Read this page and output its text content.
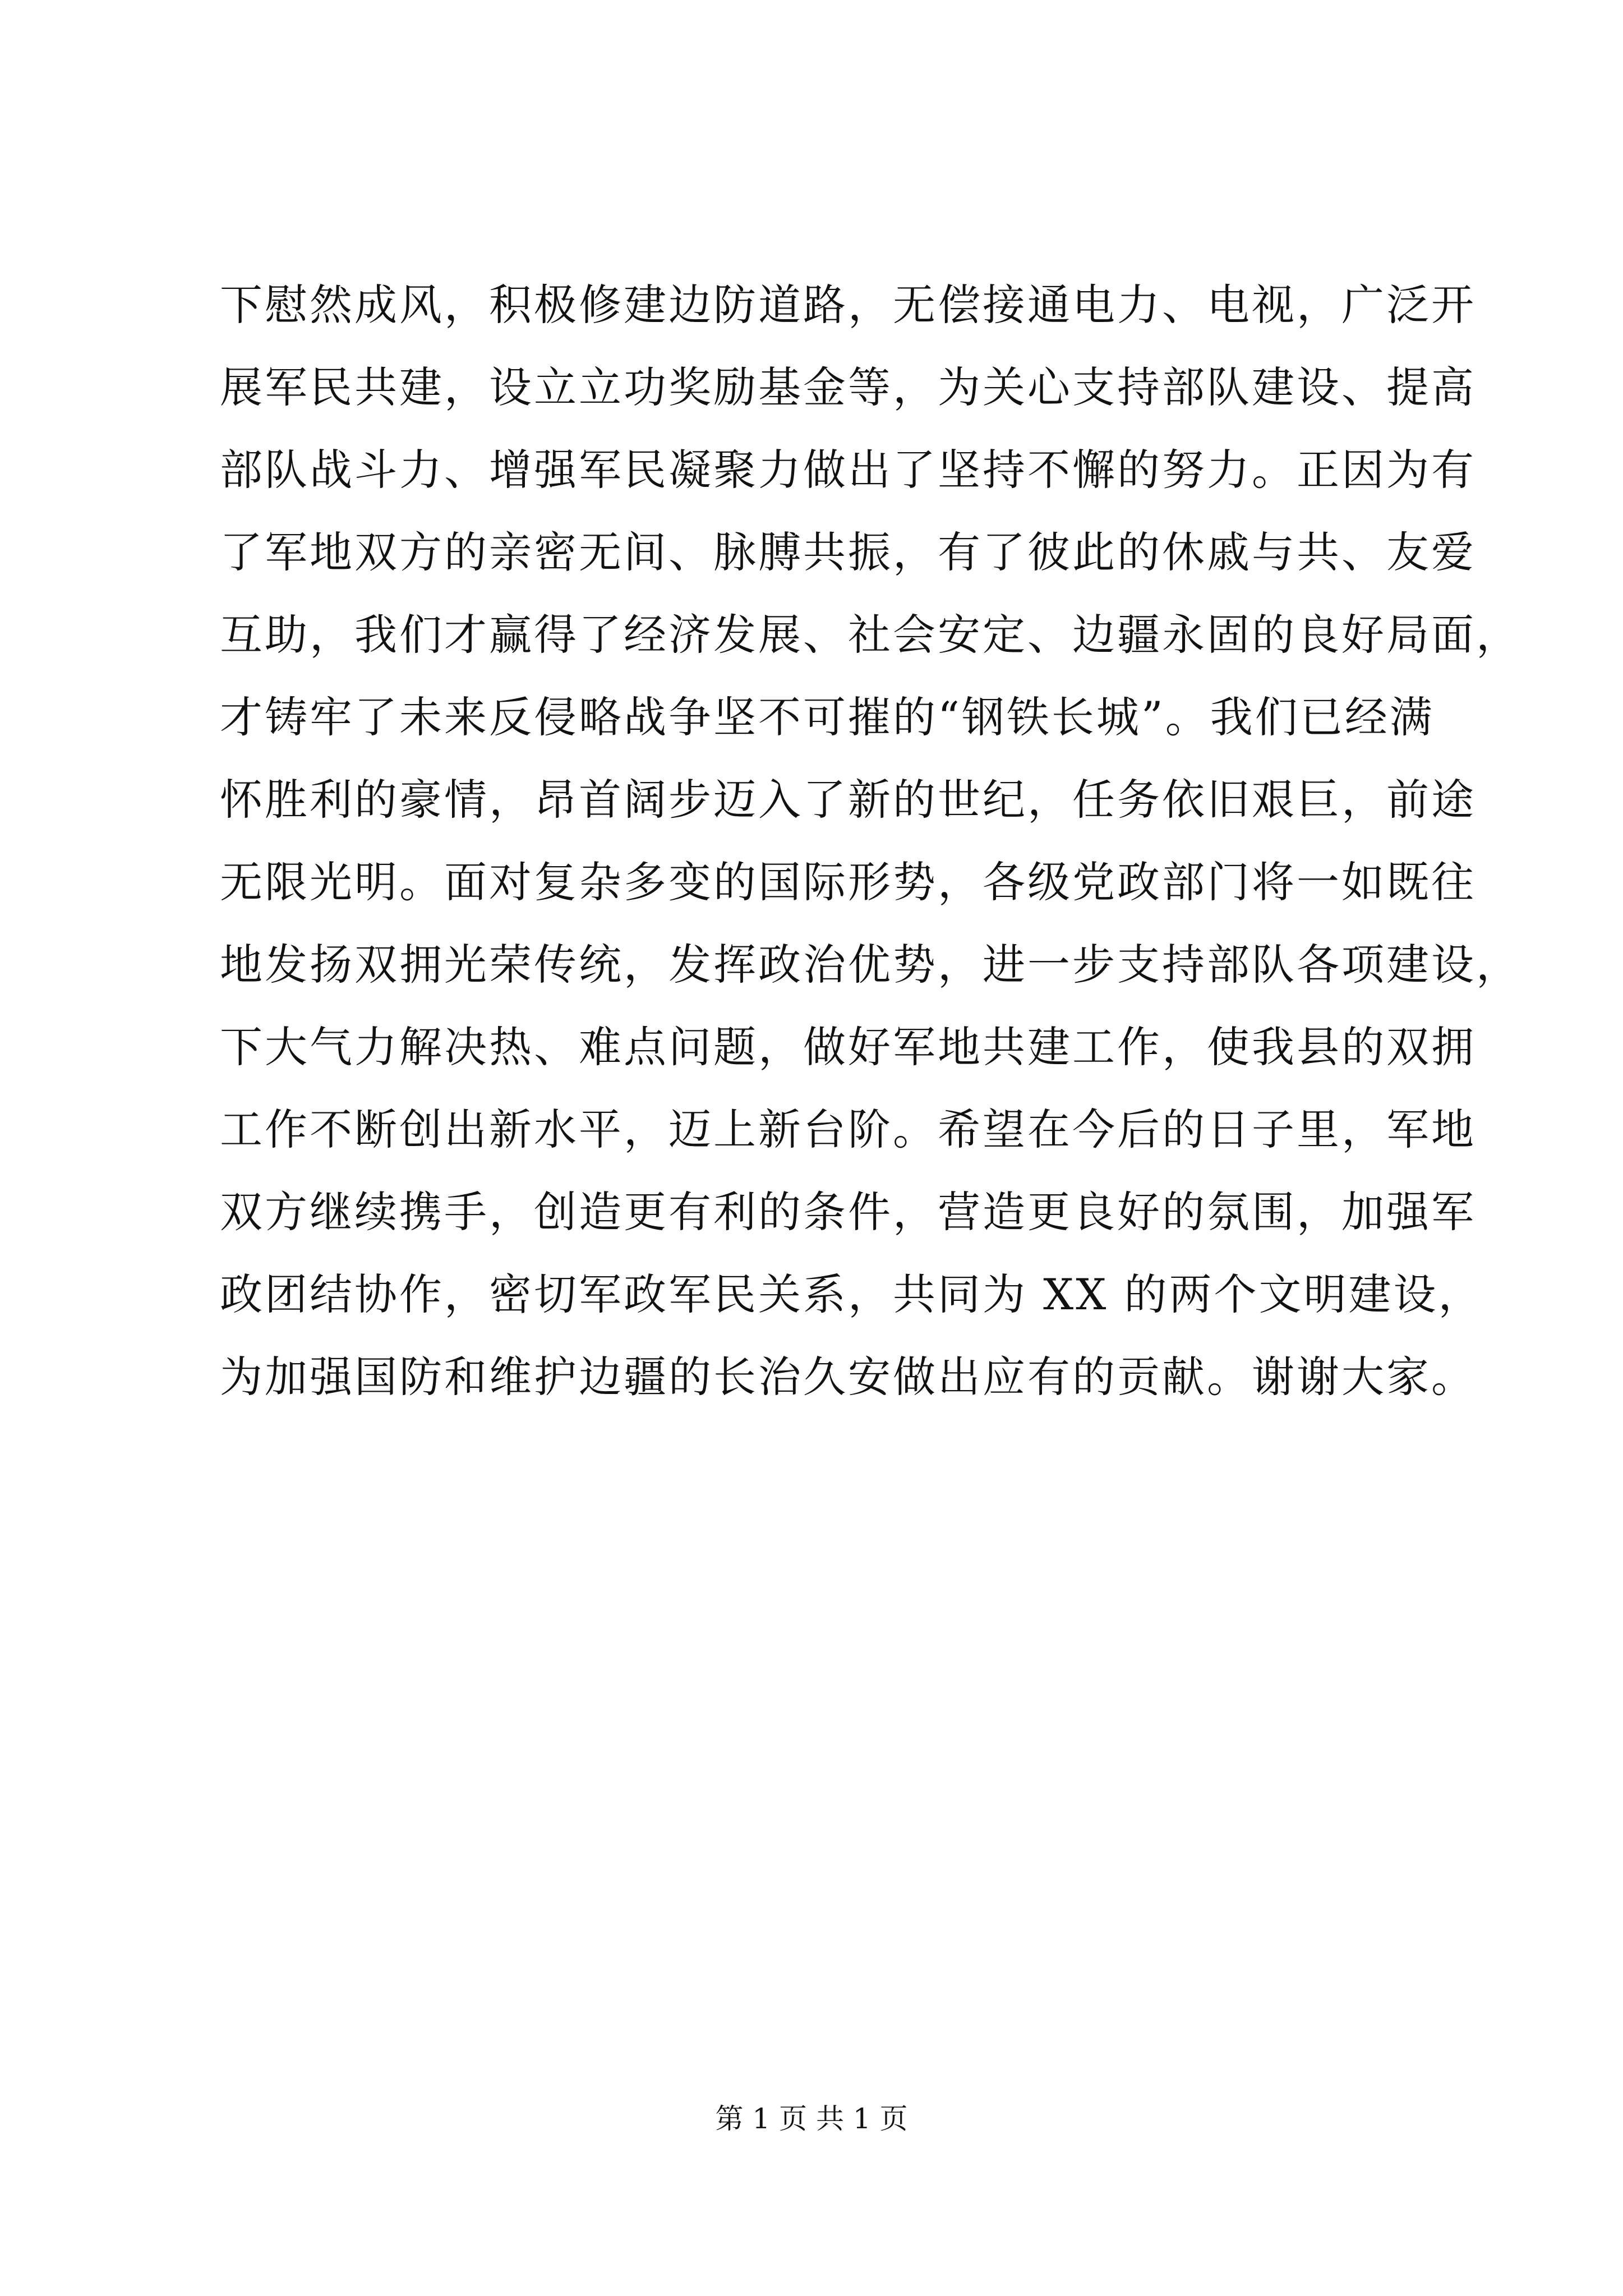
下慰然成风，积极修建边防道路，无偿接通电力、电视，广泛开
展军民共建，设立立功奖励基金等，为关心支持部队建设、提高
部队战斗力、增强军民凝聚力做出了坚持不懈的努力。正因为有
了军地双方的亲密无间、脉膊共振，有了彼此的休戚与共、友爱
互助，我们才赢得了经济发展、社会安定、边疆永固的良好局面，
才铸牢了未来反侵略战争坚不可摧的“钢铁长城”。我们已经满
怀胜利的豪情，昂首阔步迈入了新的世纪，任务依旧艰巨，前途
无限光明。面对复杂多变的国际形势，各级党政部门将一如既往
地发扬双拥光荣传统，发挥政治优势，进一步支持部队各项建设，
下大气力解决热、难点问题，做好军地共建工作，使我县的双拥
工作不断创出新水平，迈上新台阶。希望在今后的日子里，军地
双方继续携手，创造更有利的条件，营造更良好的氛围，加强军
政团结协作，密切军政军民关系，共同为 XX 的两个文明建设，
为加强国防和维护边疆的长治久安做出应有的贡献。谢谢大家。
第 1 页 共 1 页
